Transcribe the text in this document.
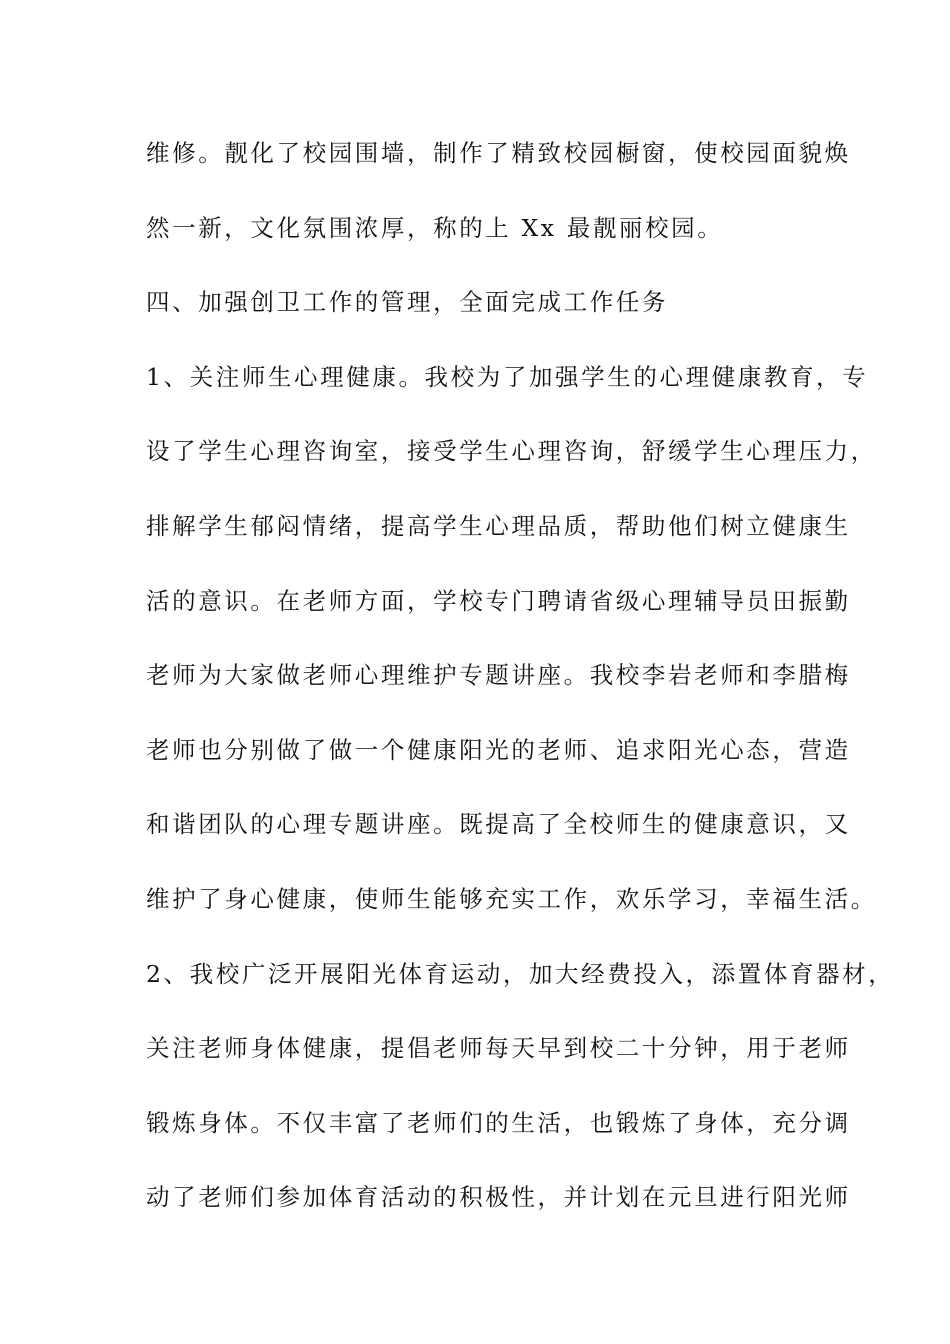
维修。靓化了校园围墙，制作了精致校园橱窗，使校园面貌焕
然一新，文化氛围浓厚，称的上 Xx 最靓丽校园。
四、加强创卫工作的管理，全面完成工作任务
1、关注师生心理健康。我校为了加强学生的心理健康教育，专
设了学生心理咨询室，接受学生心理咨询，舒缓学生心理压力，
排解学生郁闷情绪，提高学生心理品质，帮助他们树立健康生
活的意识。在老师方面，学校专门聘请省级心理辅导员田振勤
老师为大家做老师心理维护专题讲座。我校李岩老师和李腊梅
老师也分别做了做一个健康阳光的老师、追求阳光心态，营造
和谐团队的心理专题讲座。既提高了全校师生的健康意识，又
维护了身心健康，使师生能够充实工作，欢乐学习，幸福生活。
2、我校广泛开展阳光体育运动，加大经费投入，添置体育器材，
关注老师身体健康，提倡老师每天早到校二十分钟，用于老师
锻炼身体。不仅丰富了老师们的生活，也锻炼了身体，充分调
动了老师们参加体育活动的积极性，并计划在元旦进行阳光师
